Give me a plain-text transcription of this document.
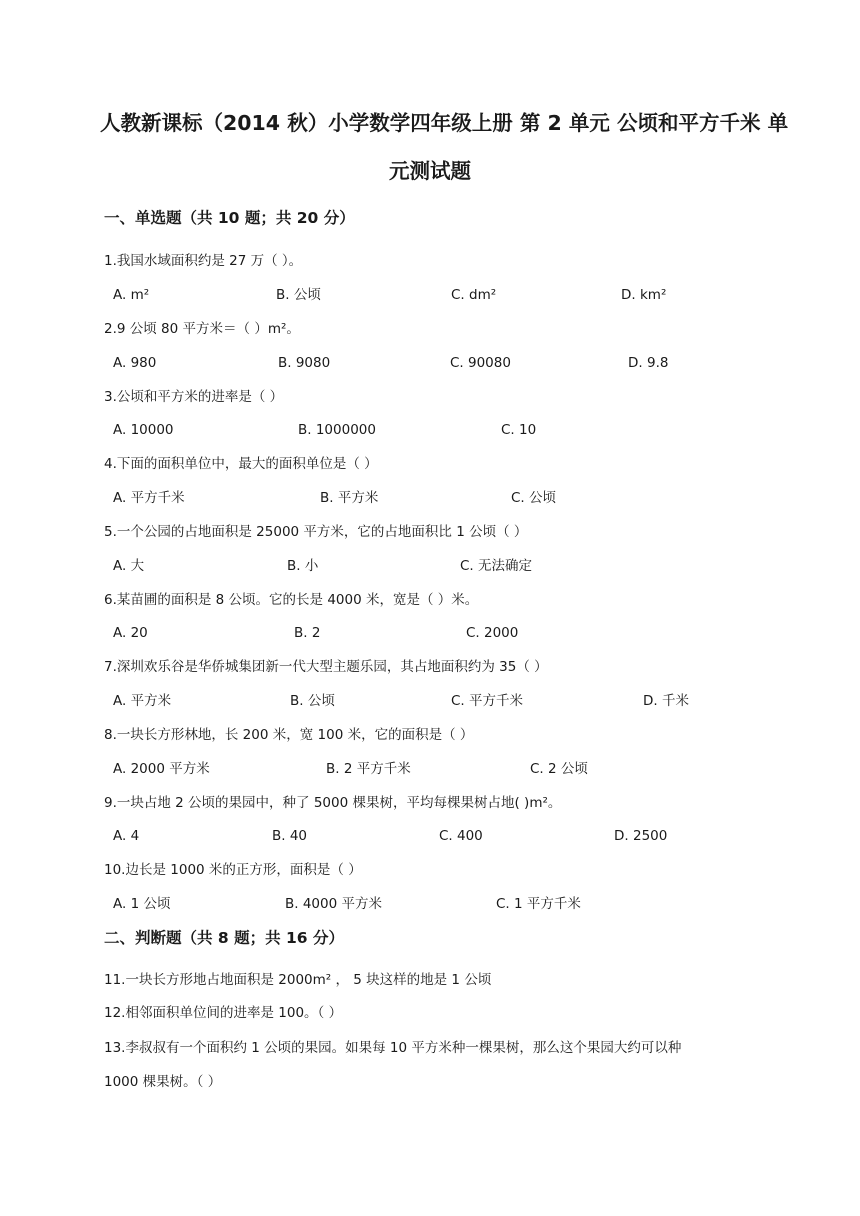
人教新课标（2014 秋）小学数学四年级上册 第 2 单元 公顷和平方千米 单
元测试题
一、单选题（共 10 题；共 20 分）
1.我国水域面积约是 27 万（ ）。
A. m²	B. 公顷	C. dm²	D. km²
2.9 公顷 80 平方米＝（ ）m²。
A. 980	B. 9080	C. 90080	D. 9.8
3.公顷和平方米的进率是（ ）
A. 10000	B. 1000000	C. 10
4.下面的面积单位中，最大的面积单位是（ ）
A. 平方千米	B. 平方米	C. 公顷
5.一个公园的占地面积是 25000 平方米，它的占地面积比 1 公顷（ ）
A. 大	B. 小	C. 无法确定
6.某苗圃的面积是 8 公顷。它的长是 4000 米，宽是（ ）米。
A. 20	B. 2	C. 2000
7.深圳欢乐谷是华侨城集团新一代大型主题乐园，其占地面积约为 35（ ）
A. 平方米	B. 公顷	C. 平方千米	D. 千米
8.一块长方形林地，长 200 米，宽 100 米，它的面积是（ ）
A. 2000 平方米	B. 2 平方千米	C. 2 公顷
9.一块占地 2 公顷的果园中，种了 5000 棵果树，平均每棵果树占地( )m²。
A. 4	B. 40	C. 400	D. 2500
10.边长是 1000 米的正方形，面积是（ ）
A. 1 公顷	B. 4000 平方米	C. 1 平方千米
二、判断题（共 8 题；共 16 分）
11.一块长方形地占地面积是 2000m² ， 5 块这样的地是 1 公顷
12.相邻面积单位间的进率是 100。（ ）
13.李叔叔有一个面积约 1 公顷的果园。如果每 10 平方米种一棵果树，那么这个果园大约可以种
1000 棵果树。（ ）
